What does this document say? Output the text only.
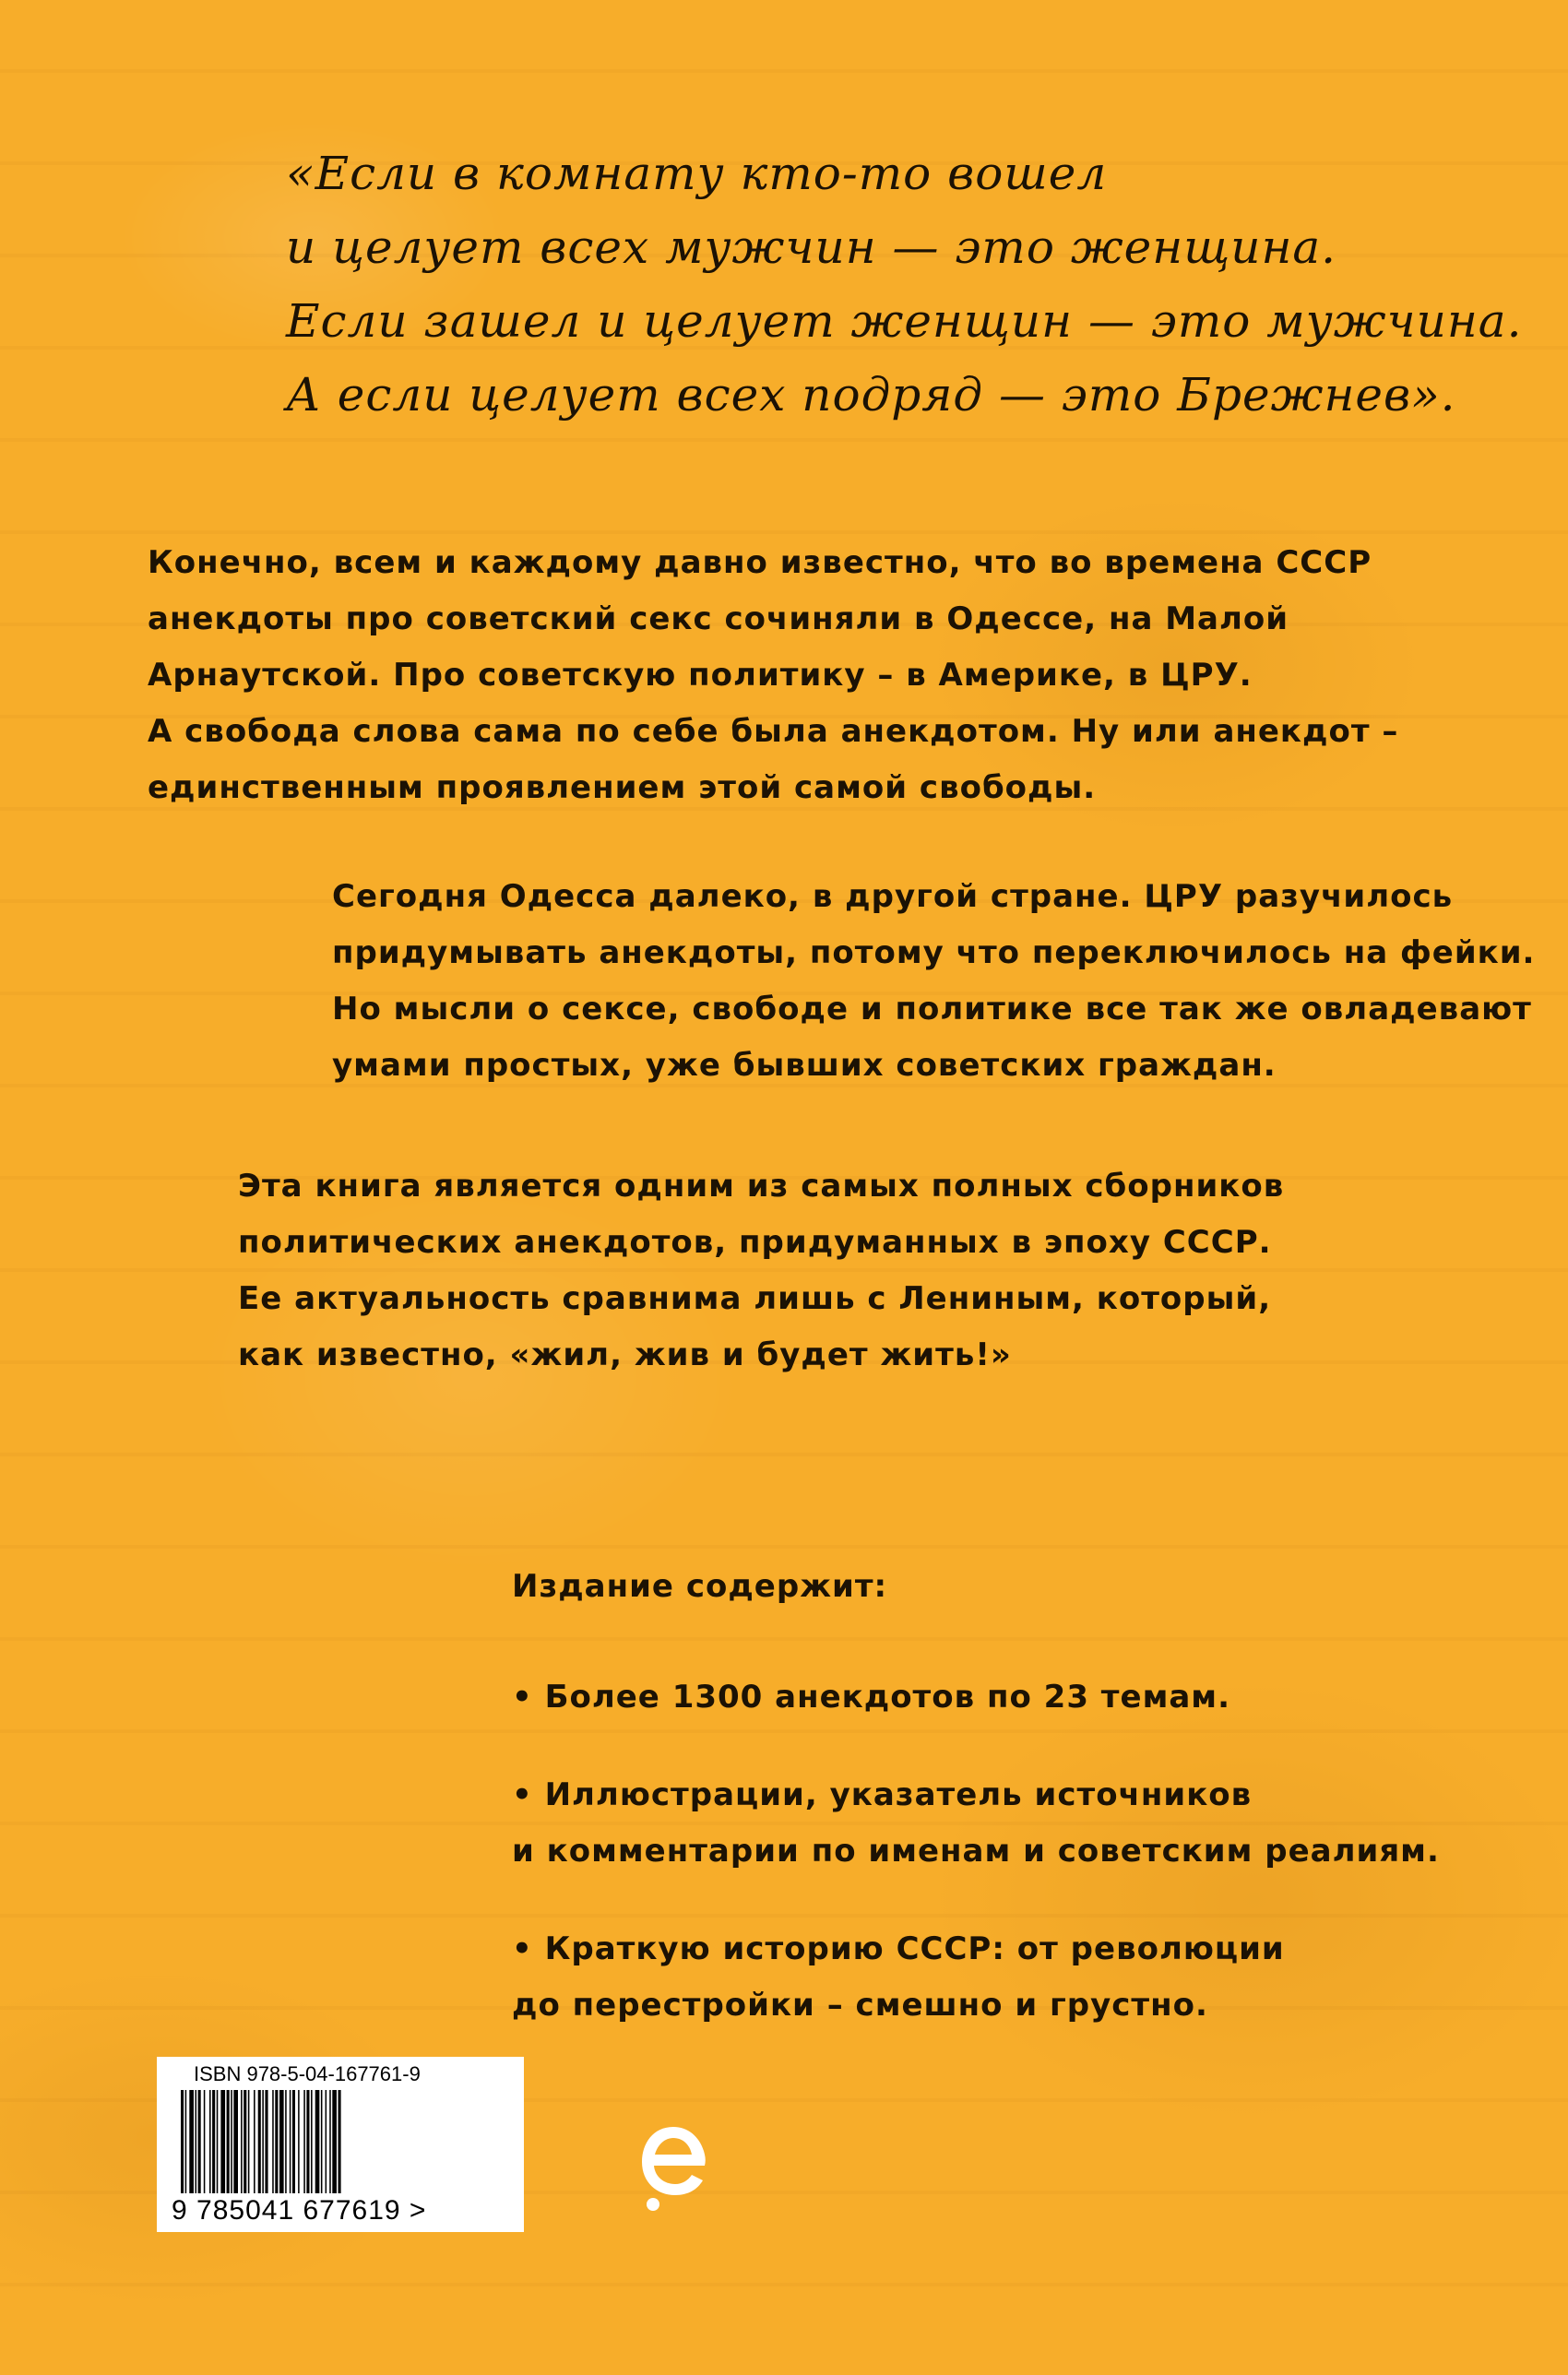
«Если в комнату кто-то вошел
и целует всех мужчин — это женщина.
Если зашел и целует женщин — это мужчина.
А если целует всех подряд — это Брежнев».
Конечно, всем и каждому давно известно, что во времена СССР
анекдоты про советский секс сочиняли в Одессе, на Малой
Арнаутской. Про советскую политику – в Америке, в ЦРУ.
А свобода слова сама по себе была анекдотом. Ну или анекдот –
единственным проявлением этой самой свободы.
Сегодня Одесса далеко, в другой стране. ЦРУ разучилось
придумывать анекдоты, потому что переключилось на фейки.
Но мысли о сексе, свободе и политике все так же овладевают
умами простых, уже бывших советских граждан.
Эта книга является одним из самых полных сборников
политических анекдотов, придуманных в эпоху СССР.
Ее актуальность сравнима лишь с Лениным, который,
как известно, «жил, жив и будет жить!»

Издание содержит:

• Более 1300 анекдотов по 23 темам.
• Иллюстрации, указатель источников
и комментарии по именам и советским реалиям.
• Краткую историю СССР: от революции
до перестройки – смешно и грустно.
ISBN 978-5-04-167761-9
9 785041 677619 >
